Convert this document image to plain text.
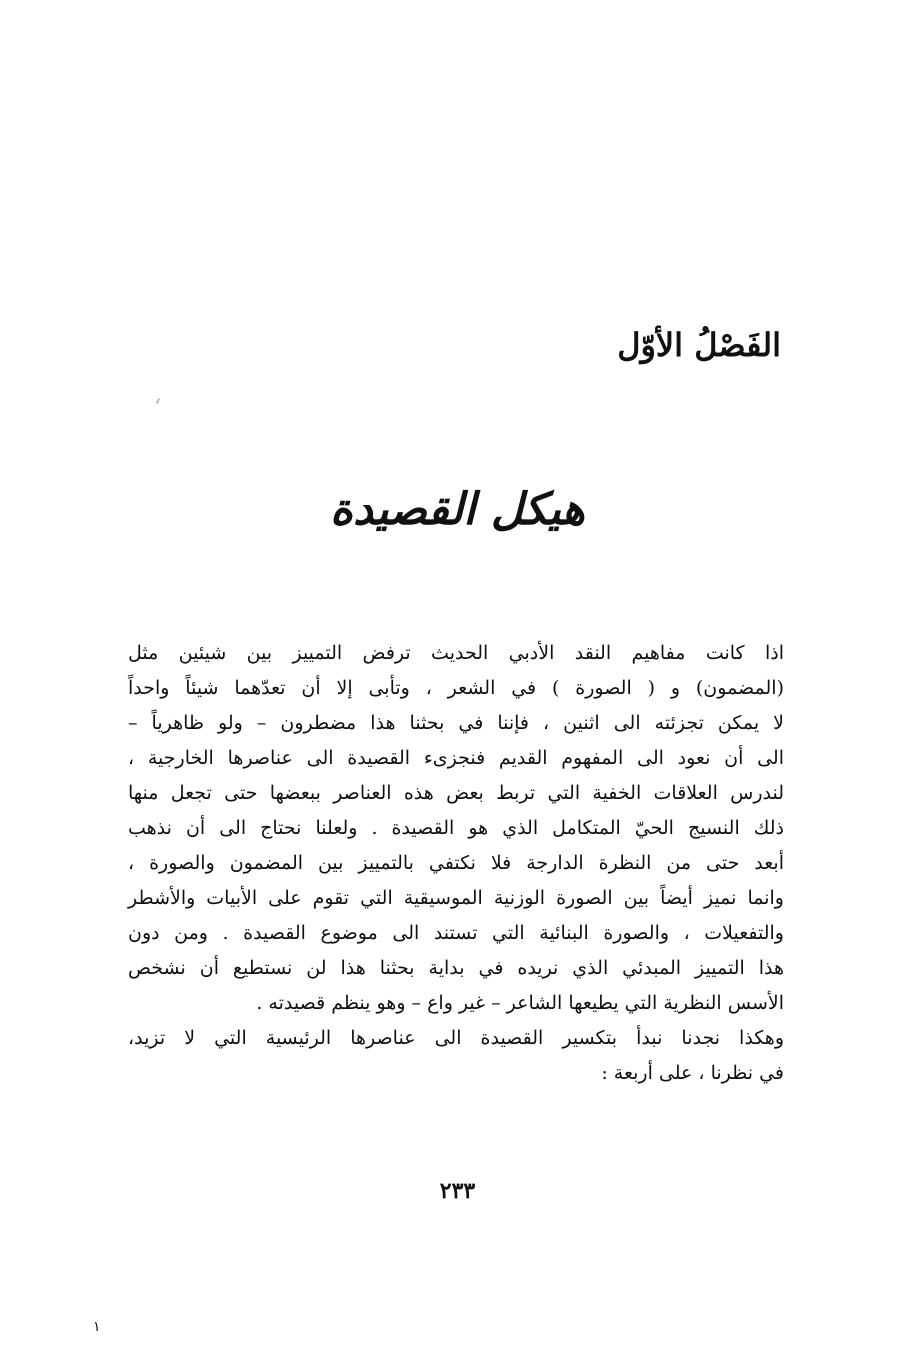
الفَصْلُ الأوّل
هيكل القصيدة
اذا كانت مفاهيم النقد الأدبي الحديث ترفض التمييز بين شيئين مثل
(المضمون) و ( الصورة ) في الشعر ، وتأبى إلا أن تعدّهما شيئاً واحداً
لا يمكن تجزئته الى اثنين ، فإننا في بحثنا هذا مضطرون – ولو ظاهرياً –
الى أن نعود الى المفهوم القديم فنجزىء القصيدة الى عناصرها الخارجية ،
لندرس العلاقات الخفية التي تربط بعض هذه العناصر ببعضها حتى تجعل منها
ذلك النسيج الحيّ المتكامل الذي هو القصيدة . ولعلنا نحتاج الى أن نذهب
أبعد حتى من النظرة الدارجة فلا نكتفي بالتمييز بين المضمون والصورة ،
وانما نميز أيضاً بين الصورة الوزنية الموسيقية التي تقوم على الأبيات والأشطر
والتفعيلات ، والصورة البنائية التي تستند الى موضوع القصيدة . ومن دون
هذا التمييز المبدئي الذي نريده في بداية بحثنا هذا لن نستطيع أن نشخص
الأسس النظرية التي يطيعها الشاعر – غير واع – وهو ينظم قصيدته .
وهكذا نجدنا نبدأ بتكسير القصيدة الى عناصرها الرئيسية التي لا تزيد،
في نظرنا ، على أربعة :
٢٣٣
١
